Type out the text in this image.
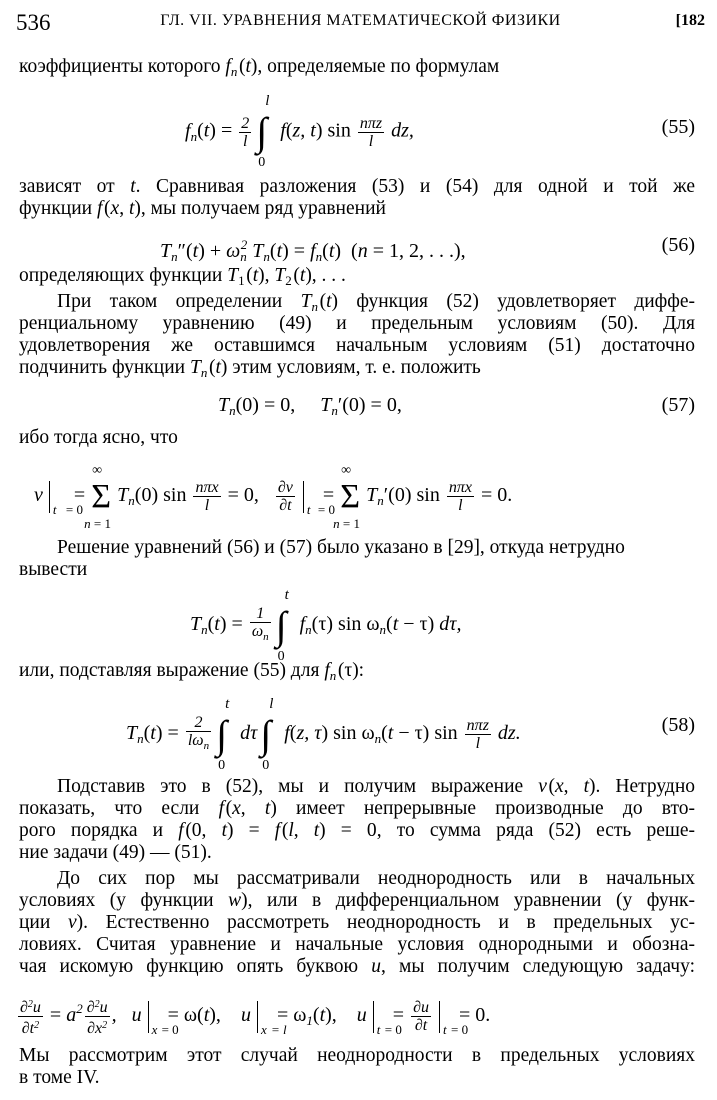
536	ГЛ. VII. УРАВНЕНИЯ МАТЕМАТИЧЕСКОЙ ФИЗИКИ	[182
коэффициенты которого $f_n$ (t), определяемые по формулам
$f_n(t) = \frac{2}{l}$ ∫
l
0
f(z, t) $\sin \frac{\text{nπz}}{l}$ dz,	(55)
зависят от t. Сравнивая разложения (53) и (54) для одной и той же
функции f (x, t), мы получаем ряд уравнений
$T_n''(t) + \omega_n^2$ $T_n(t) = f_n(t) (n = 1$, 2, . . .),	(56)
определяющих функции $T_1$ (t), $T_2$ (t), . . .
При таком определении $T_n$ (t) функция (52) удовлетворяет диффе-
ренциальному уравнению (49) и предельным условиям (50). Для
удовлетворения же оставшимся начальным условиям (51) достаточно
подчинить функции $T_n$ (t) этим условиям, т. е. положить
$T_n(0) = 0$,     $T_n'(0) = 0$,	(57)
ибо тогда ясно, что
v
t = 0
= Σ
∞
n = 1
$T_n(0)$ $\sin \frac{\text{nπx}}{l} = 0$, $\frac{\partial v}{\partial t}$ t = 0
= Σ
∞
n = 1
$T_n'(0)$ $\sin \frac{\text{nπx}}{l} = 0$.
Решение уравнений (56) и (57) было указано в [29], откуда нетрудно
вывести
$T_n(t) = \frac{1}{\omega_n}$ ∫
t
0
$f_n(\tau)$ $\sin \omega_n(t - \tau)$ dτ,
или, подставляя выражение (55) для $f_n$ (τ):
$T_n(t) = \frac{2}{l\omega_n}$ ∫
t
0
dτ∫
l
0
f(z, τ) $\sin \omega_n(t - \tau)$ $\sin \frac{\text{nπz}}{l}$ dz.	(58)
Подставив это в (52), мы и получим выражение v (x, t). Нетрудно
показать, что если f (x, t) имеет непрерывные производные до вто-
рого порядка и f (0, t) = f (l, t) = 0, то сумма ряда (52) есть реше-
ние задачи (49) — (51).
До сих пор мы рассматривали неоднородность или в начальных
условиях (у функции w), или в дифференциальном уравнении (у функ-
ции v). Естественно рассмотреть неоднородность и в предельных ус-
ловиях. Считая уравнение и начальные условия однородными и обозна-
чая искомую функцию опять буквою u, мы получим следующую задачу:
$\frac{\partial^2u}{\partial t^2} = a^2 \frac{\partial^2u}{\partial x^2}$ ,   u
x = 0
= ω(t),    u
x = l
= $\omega_1(t)$,    u
t = 0
= $\frac{\partial u}{\partial t}$ t = 0
= 0.
Мы рассмотрим этот случай неоднородности в предельных условиях
в томе IV.
